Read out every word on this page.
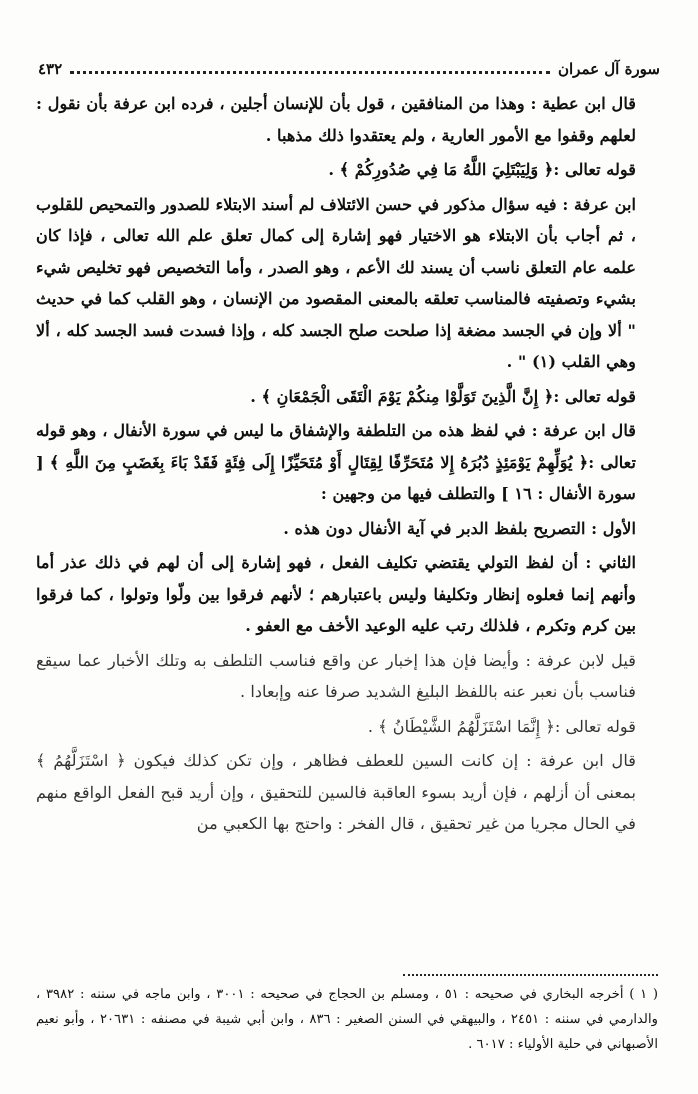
سورة آل عمران
٤٣٢

قال ابن عطية : وهذا من المنافقين ، قول بأن للإنسان أجلين ، فرده ابن عرفة بأن نقول : لعلهم وقفوا مع الأمور العارية ، ولم يعتقدوا ذلك مذهبا .

قوله تعالى :﴿ وَلِيَبْتَلِيَ اللَّهُ مَا فِي صُدُورِكُمْ ﴾ .

ابن عرفة : فيه سؤال مذكور في حسن الائتلاف لم أسند الابتلاء للصدور والتمحيص للقلوب ، ثم أجاب بأن الابتلاء هو الاختيار فهو إشارة إلى كمال تعلق علم الله تعالى ، فإذا كان علمه عام التعلق ناسب أن يسند لك الأعم ، وهو الصدر ، وأما التخصيص فهو تخليص شيء بشيء وتصفيته فالمناسب تعلقه بالمعنى المقصود من الإنسان ، وهو القلب كما في حديث " ألا وإن في الجسد مضغة إذا صلحت صلح الجسد كله ، وإذا فسدت فسد الجسد كله ، ألا وهي القلب (١) " .

قوله تعالى :﴿ إِنَّ الَّذِينَ تَوَلَّوْا مِنكُمْ يَوْمَ الْتَقَى الْجَمْعَانِ ﴾ .

قال ابن عرفة : في لفظ هذه من التلطفة والإشفاق ما ليس في سورة الأنفال ، وهو قوله تعالى :﴿ يُوَلِّهِمْ يَوْمَئِذٍ دُبُرَهُ إِلا مُتَحَرِّفًا لِقِتَالٍ أَوْ مُتَحَيِّزًا إِلَى فِئَةٍ فَقَدْ بَاءَ بِغَضَبٍ مِنَ اللَّهِ ﴾ [ سورة الأنفال : ١٦ ] والتطلف فيها من وجهين :

الأول : التصريح بلفظ الدبر في آية الأنفال دون هذه .

الثاني : أن لفظ التولي يقتضي تكليف الفعل ، فهو إشارة إلى أن لهم في ذلك عذر أما وأنهم إنما فعلوه إنظار وتكليفا وليس باعتبارهم ؛ لأنهم فرقوا بين ولّوا وتولوا ، كما فرقوا بين كرم وتكرم ، فلذلك رتب عليه الوعيد الأخف مع العفو .

قيل لابن عرفة : وأيضا فإن هذا إخبار عن واقع فناسب التلطف به وتلك الأخبار عما سيقع فناسب بأن نعبر عنه باللفظ البليغ الشديد صرفا عنه وإبعادا .

قوله تعالى :﴿ إِنَّمَا اسْتَزَلَّهُمُ الشَّيْطَانُ ﴾ .

قال ابن عرفة : إن كانت السين للعطف فظاهر ، وإن تكن كذلك فيكون ﴿ اسْتَزَلَّهُمُ ﴾ بمعنى أن أزلهم ، فإن أريد بسوء العاقبة فالسين للتحقيق ، وإن أريد قبح الفعل الواقع منهم في الحال مجريا من غير تحقيق ، قال الفخر : واحتج بها الكعبي من

( ١ ) أخرجه البخاري في صحيحه : ٥١ ، ومسلم بن الحجاج في صحيحه : ٣٠٠١ ، وابن ماجه في سننه : ٣٩٨٢ ، والدارمي في سننه : ٢٤٥١ ، والبيهقي في السنن الصغير : ٨٣٦ ، وابن أبي شيبة في مصنفه : ٢٠٦٣١ ، وأبو نعيم الأصبهاني في حلية الأولياء : ٦٠١٧ .
